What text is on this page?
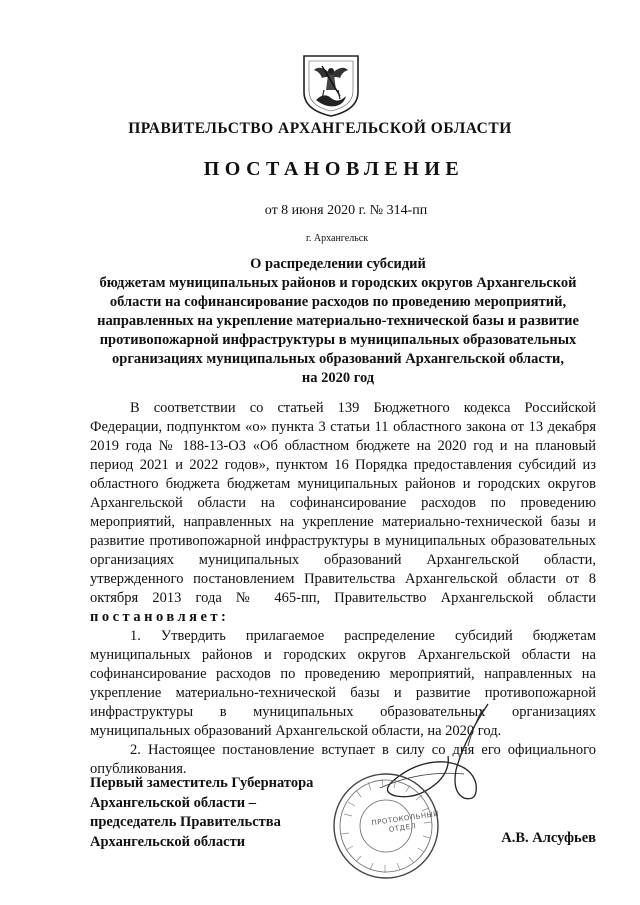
ПРАВИТЕЛЬСТВО АРХАНГЕЛЬСКОЙ ОБЛАСТИ
ПОСТАНОВЛЕНИЕ
от 8 июня 2020 г. № 314-пп
г. Архангельск
О распределении субсидий
бюджетам муниципальных районов и городских округов Архангельской
области на софинансирование расходов по проведению мероприятий,
направленных на укрепление материально-технической базы и развитие
противопожарной инфраструктуры в муниципальных образовательных
организациях муниципальных образований Архангельской области,
на 2020 год

В соответствии со статьей 139 Бюджетного кодекса Российской Федерации, подпунктом «о» пункта 3 статьи 11 областного закона от 13 декабря 2019 года № 188-13-ОЗ «Об областном бюджете на 2020 год и на плановый период 2021 и 2022 годов», пунктом 16 Порядка предоставления субсидий из областного бюджета бюджетам муниципальных районов и городских округов Архангельской области на софинансирование расходов по проведению мероприятий, направленных на укрепление материально-технической базы и развитие противопожарной инфраструктуры в муниципальных образовательных организациях муниципальных образований Архангельской области, утвержденного постановлением Правительства Архангельской области от 8 октября 2013 года № 465-пп, Правительство Архангельской области постановляет:

1. Утвердить прилагаемое распределение субсидий бюджетам муниципальных районов и городских округов Архангельской области на софинансирование расходов по проведению мероприятий, направленных на укрепление материально-технической базы и развитие противопожарной инфраструктуры в муниципальных образовательных организациях муниципальных образований Архангельской области, на 2020 год.

2. Настоящее постановление вступает в силу со дня его официального опубликования.

Первый заместитель Губернатора
Архангельской области –
председатель Правительства
Архангельской области	А.В. Алсуфьев
ПРОТОКОЛЬНЫЙ ОТДЕЛ
